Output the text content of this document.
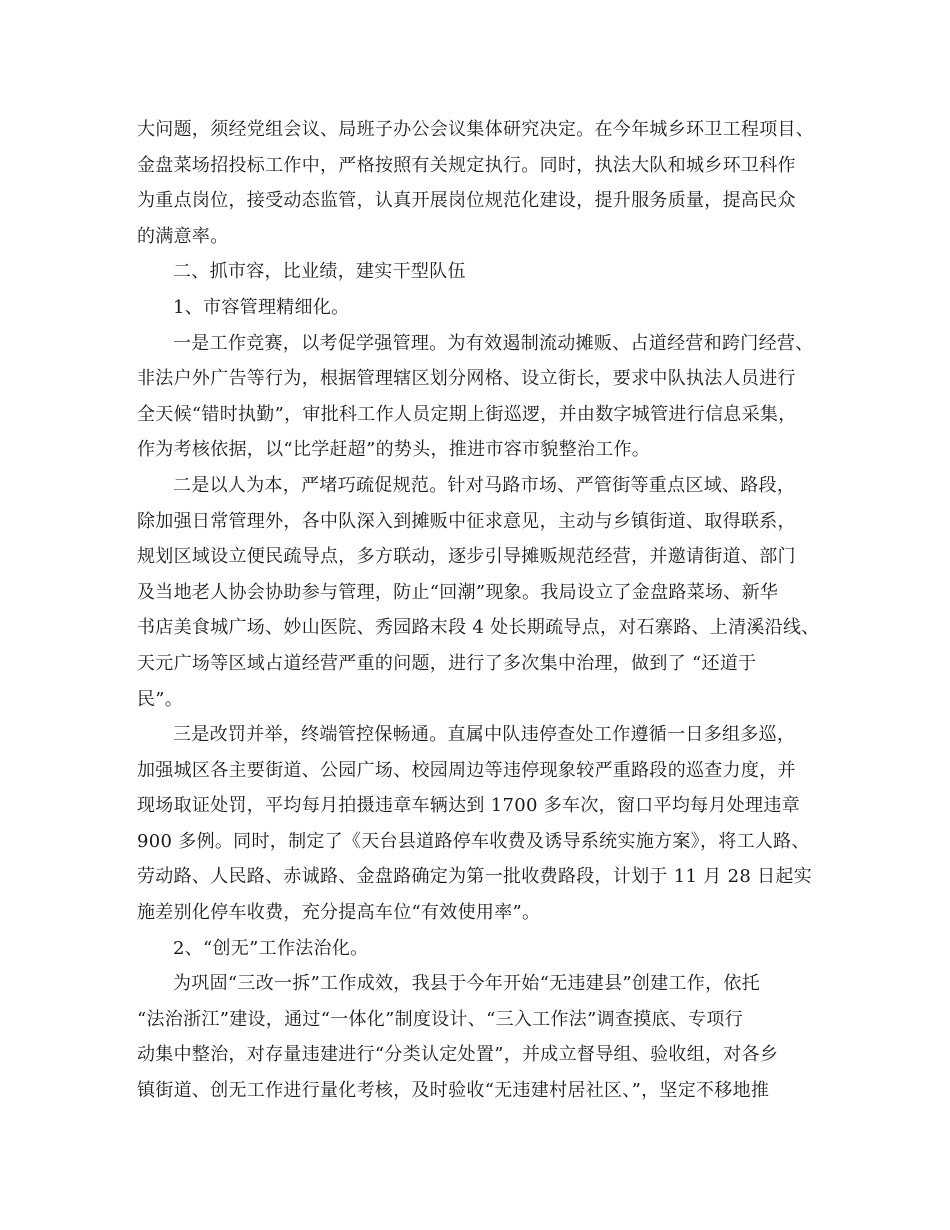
大问题，须经党组会议、局班子办公会议集体研究决定。在今年城乡环卫工程项目、
金盘菜场招投标工作中，严格按照有关规定执行。同时，执法大队和城乡环卫科作
为重点岗位，接受动态监管，认真开展岗位规范化建设，提升服务质量，提高民众
的满意率。
二、抓市容，比业绩，建实干型队伍
1、市容管理精细化。
一是工作竞赛，以考促学强管理。为有效遏制流动摊贩、占道经营和跨门经营、
非法户外广告等行为，根据管理辖区划分网格、设立街长，要求中队执法人员进行
全天候“错时执勤”，审批科工作人员定期上街巡逻，并由数字城管进行信息采集，
作为考核依据，以“比学赶超”的势头，推进市容市貌整治工作。
二是以人为本，严堵巧疏促规范。针对马路市场、严管街等重点区域、路段，
除加强日常管理外，各中队深入到摊贩中征求意见，主动与乡镇街道、取得联系，
规划区域设立便民疏导点，多方联动，逐步引导摊贩规范经营，并邀请街道、部门
及当地老人协会协助参与管理，防止“回潮”现象。我局设立了金盘路菜场、新华
书店美食城广场、妙山医院、秀园路末段 4 处长期疏导点，对石寨路、上清溪沿线、
天元广场等区域占道经营严重的问题，进行了多次集中治理，做到了 “还道于
民”。
三是改罚并举，终端管控保畅通。直属中队违停查处工作遵循一日多组多巡，
加强城区各主要街道、公园广场、校园周边等违停现象较严重路段的巡查力度，并
现场取证处罚，平均每月拍摄违章车辆达到 1700 多车次，窗口平均每月处理违章
900 多例。同时，制定了《天台县道路停车收费及诱导系统实施方案》，将工人路、
劳动路、人民路、赤诚路、金盘路确定为第一批收费路段，计划于 11 月 28 日起实
施差别化停车收费，充分提高车位“有效使用率”。
2、“创无”工作法治化。
为巩固“三改一拆”工作成效，我县于今年开始“无违建县”创建工作，依托
“法治浙江”建设，通过“一体化”制度设计、“三入工作法”调查摸底、专项行
动集中整治，对存量违建进行“分类认定处置”，并成立督导组、验收组，对各乡
镇街道、创无工作进行量化考核，及时验收“无违建村居社区、”，坚定不移地推
